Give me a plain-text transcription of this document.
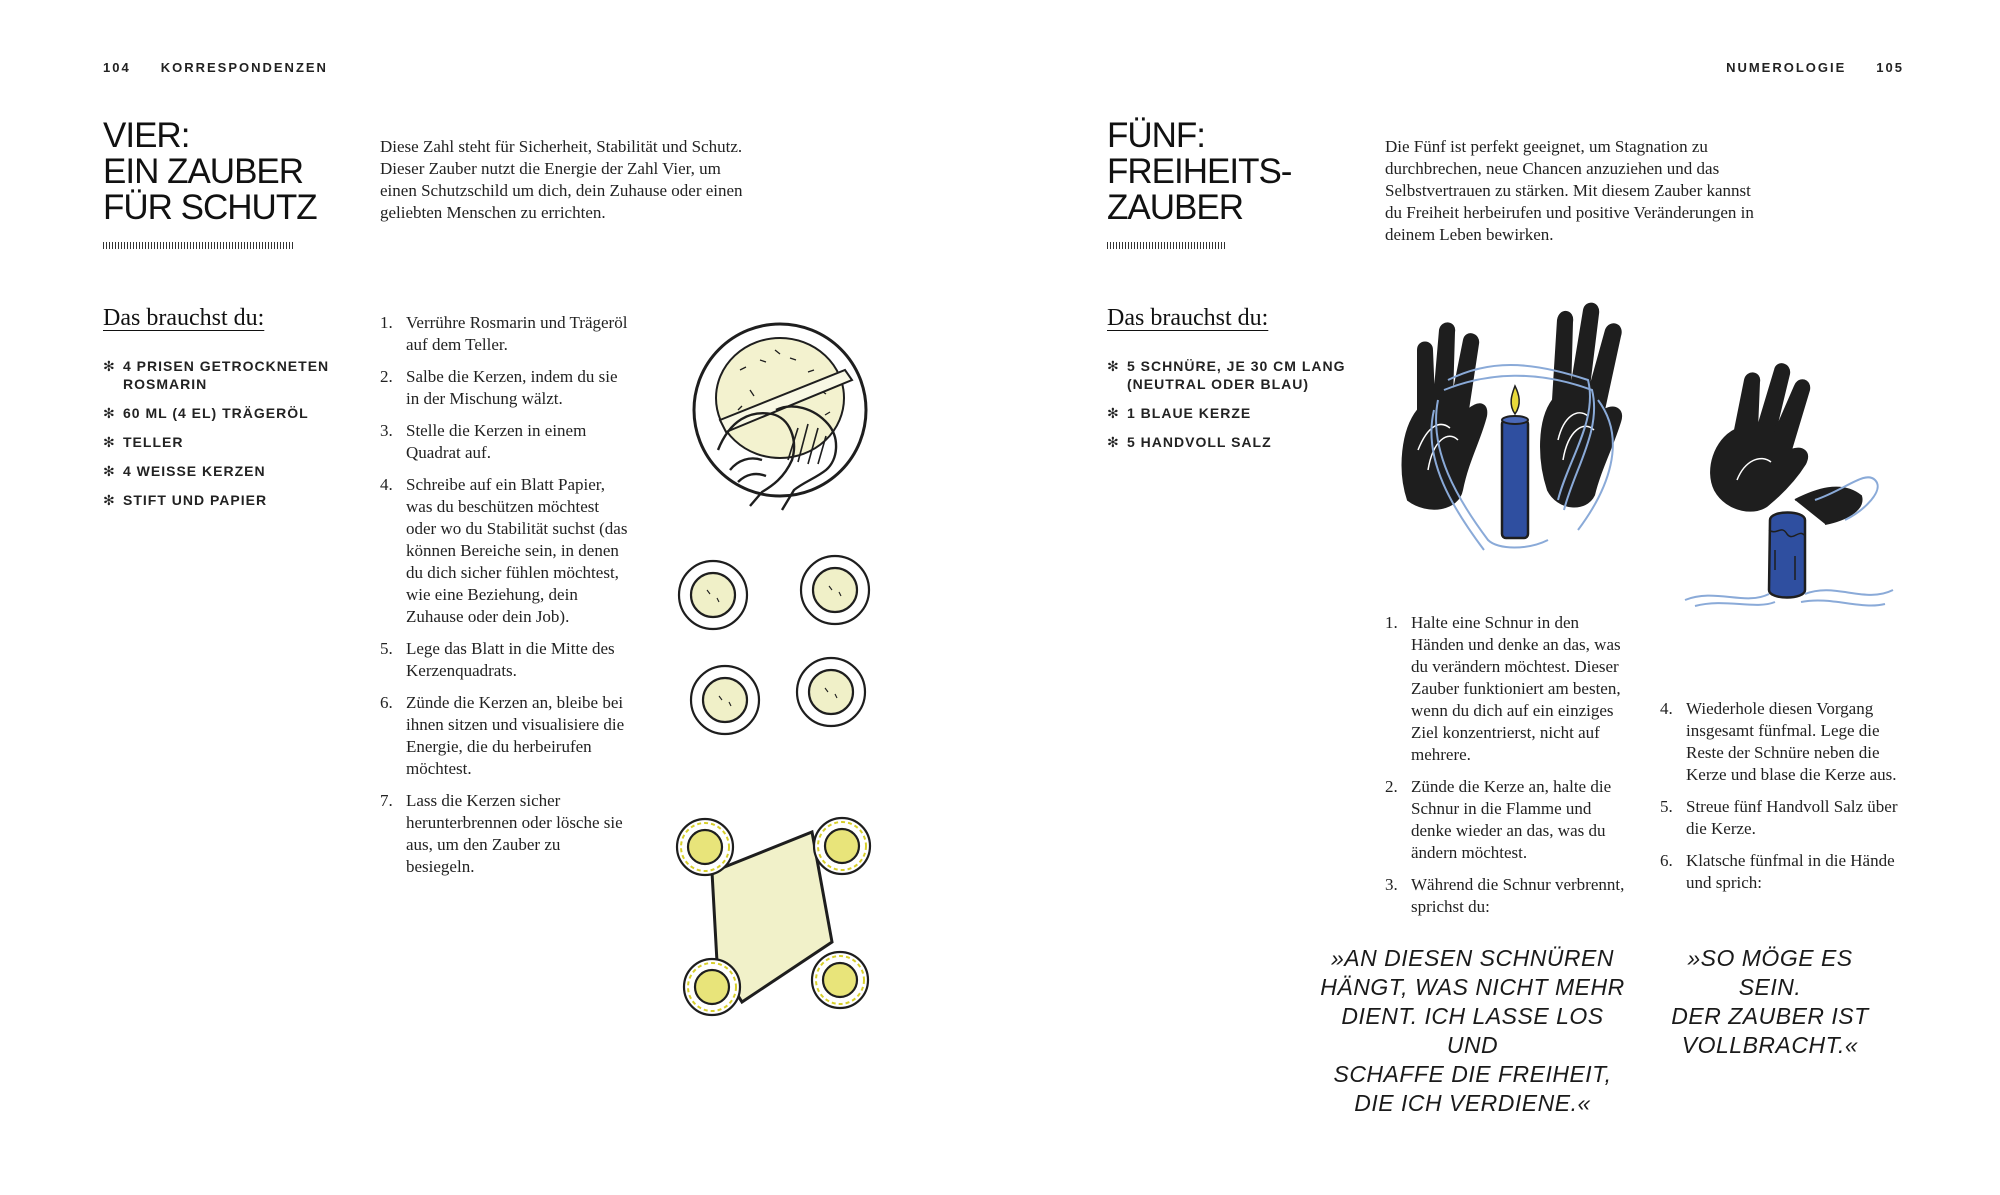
104 KORRESPONDENZEN
VIER:
EIN ZAUBER
FÜR SCHUTZ

Diese Zahl steht für Sicherheit, Stabilität und Schutz. Dieser Zauber nutzt die Energie der Zahl Vier, um einen Schutzschild um dich, dein Zuhause oder einen geliebten Menschen zu errichten.

Das brauchst du:
✻ 4 PRISEN GETROCKNETEN ROSMARIN
✻ 60 ML (4 EL) TRÄGERÖL
✻ TELLER
✻ 4 WEISSE KERZEN
✻ STIFT UND PAPIER
1. Verrühre Rosmarin und Trägeröl auf dem Teller.
2. Salbe die Kerzen, indem du sie in der Mischung wälzt.
3. Stelle die Kerzen in einem Quadrat auf.
4. Schreibe auf ein Blatt Papier, was du beschützen möchtest oder wo du Stabilität suchst (das können Bereiche sein, in denen du dich sicher fühlen möchtest, wie eine Beziehung, dein Zuhause oder dein Job).
5. Lege das Blatt in die Mitte des Kerzenquadrats.
6. Zünde die Kerzen an, bleibe bei ihnen sitzen und visualisiere die Energie, die du herbeirufen möchtest.
7. Lass die Kerzen sicher herunterbrennen oder lösche sie aus, um den Zauber zu besiegeln.
NUMEROLOGIE 105
FÜNF:
FREIHEITS-
ZAUBER

Die Fünf ist perfekt geeignet, um Stagnation zu durchbrechen, neue Chancen anzuziehen und das Selbstvertrauen zu stärken. Mit diesem Zauber kannst du Freiheit herbeirufen und positive Veränderungen in deinem Leben bewirken.

Das brauchst du:
✻ 5 SCHNÜRE, JE 30 CM LANG (NEUTRAL ODER BLAU)
✻ 1 BLAUE KERZE
✻ 5 HANDVOLL SALZ
1. Halte eine Schnur in den Händen und denke an das, was du verändern möchtest. Dieser Zauber funktioniert am besten, wenn du dich auf ein einziges Ziel konzentrierst, nicht auf mehrere.
2. Zünde die Kerze an, halte die Schnur in die Flamme und denke wieder an das, was du ändern möchtest.
3. Während die Schnur verbrennt, sprichst du:
4. Wiederhole diesen Vorgang insgesamt fünfmal. Lege die Reste der Schnüre neben die Kerze und blase die Kerze aus.
5. Streue fünf Handvoll Salz über die Kerze.
6. Klatsche fünfmal in die Hände und sprich:
»AN DIESEN SCHNÜREN
HÄNGT, WAS NICHT MEHR
DIENT. ICH LASSE LOS UND
SCHAFFE DIE FREIHEIT,
DIE ICH VERDIENE.«
»SO MÖGE ES SEIN.
DER ZAUBER IST
VOLLBRACHT.«
